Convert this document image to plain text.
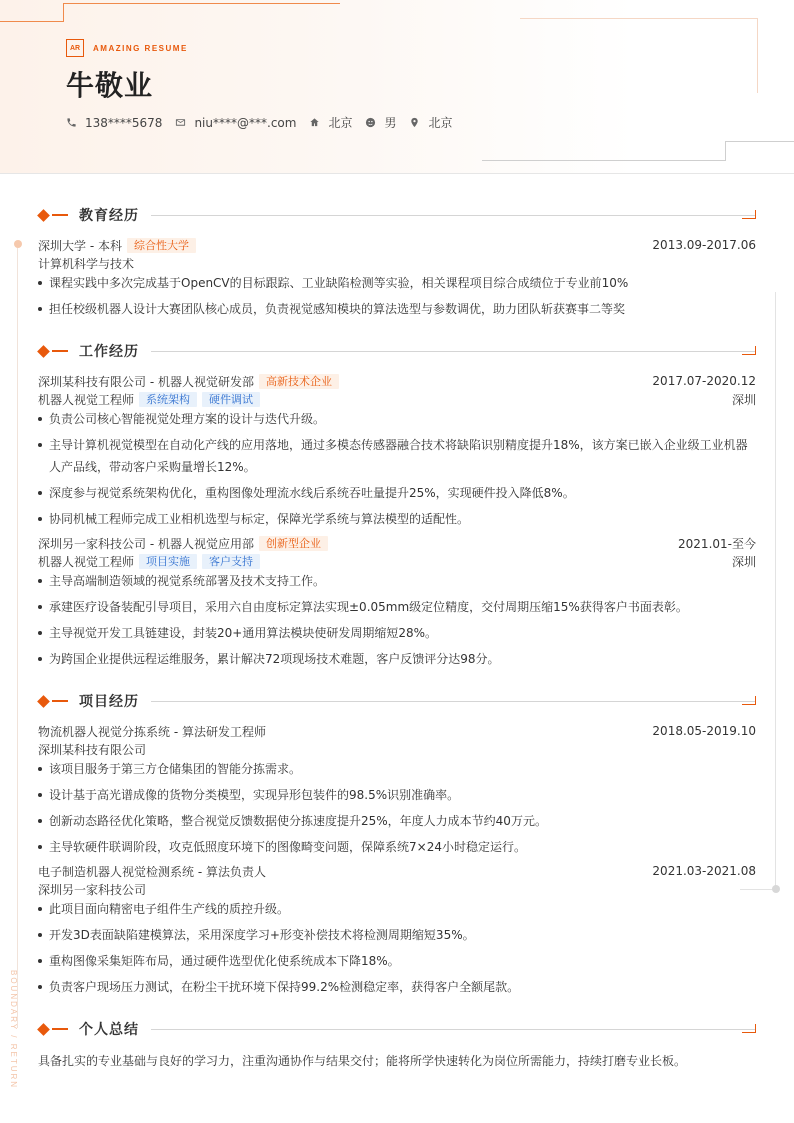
AR	AMAZING RESUME
牛敬业
138****5678	niu****@***.com	北京	男	北京
BOUNDARY / RETURN
教育经历
深圳大学 - 本科	综合性大学	2013.09-2017.06
计算机科学与技术
课程实践中多次完成基于OpenCV的目标跟踪、工业缺陷检测等实验，相关课程项目综合成绩位于专业前10%
担任校级机器人设计大赛团队核心成员，负责视觉感知模块的算法选型与参数调优，助力团队斩获赛事二等奖
工作经历
深圳某科技有限公司 - 机器人视觉研发部	高新技术企业	2017.07-2020.12
机器人视觉工程师	系统架构	硬件调试	深圳
负责公司核心智能视觉处理方案的设计与迭代升级。
主导计算机视觉模型在自动化产线的应用落地，通过多模态传感器融合技术将缺陷识别精度提升18%，该方案已嵌入企业级工业机器人产品线，带动客户采购量增长12%。
深度参与视觉系统架构优化，重构图像处理流水线后系统吞吐量提升25%，实现硬件投入降低8%。
协同机械工程师完成工业相机选型与标定，保障光学系统与算法模型的适配性。
深圳另一家科技公司 - 机器人视觉应用部	创新型企业	2021.01-至今
机器人视觉工程师	项目实施	客户支持	深圳
主导高端制造领域的视觉系统部署及技术支持工作。
承建医疗设备装配引导项目，采用六自由度标定算法实现±0.05mm级定位精度，交付周期压缩15%获得客户书面表彰。
主导视觉开发工具链建设，封装20+通用算法模块使研发周期缩短28%。
为跨国企业提供远程运维服务，累计解决72项现场技术难题，客户反馈评分达98分。
项目经历
物流机器人视觉分拣系统 - 算法研发工程师	2018.05-2019.10
深圳某科技有限公司
该项目服务于第三方仓储集团的智能分拣需求。
设计基于高光谱成像的货物分类模型，实现异形包装件的98.5%识别准确率。
创新动态路径优化策略，整合视觉反馈数据使分拣速度提升25%，年度人力成本节约40万元。
主导软硬件联调阶段，攻克低照度环境下的图像畸变问题，保障系统7×24小时稳定运行。
电子制造机器人视觉检测系统 - 算法负责人	2021.03-2021.08
深圳另一家科技公司
此项目面向精密电子组件生产线的质控升级。
开发3D表面缺陷建模算法，采用深度学习+形变补偿技术将检测周期缩短35%。
重构图像采集矩阵布局，通过硬件选型优化使系统成本下降18%。
负责客户现场压力测试，在粉尘干扰环境下保持99.2%检测稳定率，获得客户全额尾款。
个人总结
具备扎实的专业基础与良好的学习力，注重沟通协作与结果交付；能将所学快速转化为岗位所需能力，持续打磨专业长板。
